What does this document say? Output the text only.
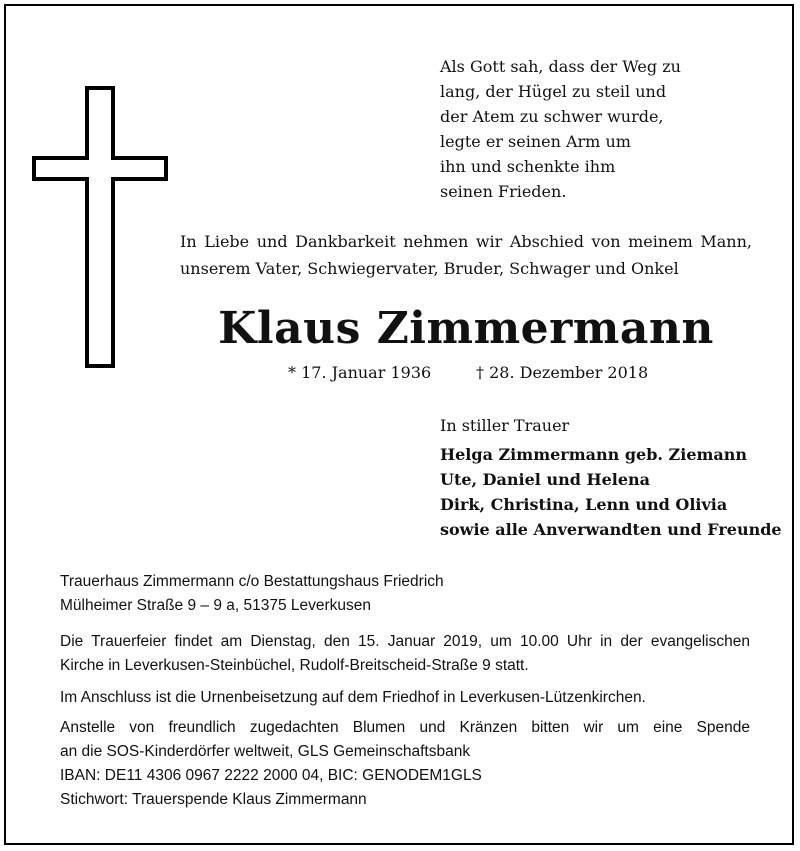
Als Gott sah, dass der Weg zu
lang, der Hügel zu steil und
der Atem zu schwer wurde,
legte er seinen Arm um
ihn und schenkte ihm
seinen Frieden.
In Liebe und Dankbarkeit nehmen wir Abschied von meinem Mann,
unserem Vater, Schwiegervater, Bruder, Schwager und Onkel
Klaus Zimmermann
* 17. Januar 1936	† 28. Dezember 2018
In stiller Trauer
Helga Zimmermann geb. Ziemann
Ute, Daniel und Helena
Dirk, Christina, Lenn und Olivia
sowie alle Anverwandten und Freunde
Trauerhaus Zimmermann c/o Bestattungshaus Friedrich
Mülheimer Straße 9 – 9 a, 51375 Leverkusen
Die Trauerfeier findet am Dienstag, den 15. Januar 2019, um 10.00 Uhr in der evangelischen
Kirche in Leverkusen-Steinbüchel, Rudolf-Breitscheid-Straße 9 statt.
Im Anschluss ist die Urnenbeisetzung auf dem Friedhof in Leverkusen-Lützenkirchen.
Anstelle von freundlich zugedachten Blumen und Kränzen bitten wir um eine Spende
an die SOS-Kinderdörfer weltweit, GLS Gemeinschaftsbank
IBAN: DE11 4306 0967 2222 2000 04, BIC: GENODEM1GLS
Stichwort: Trauerspende Klaus Zimmermann
